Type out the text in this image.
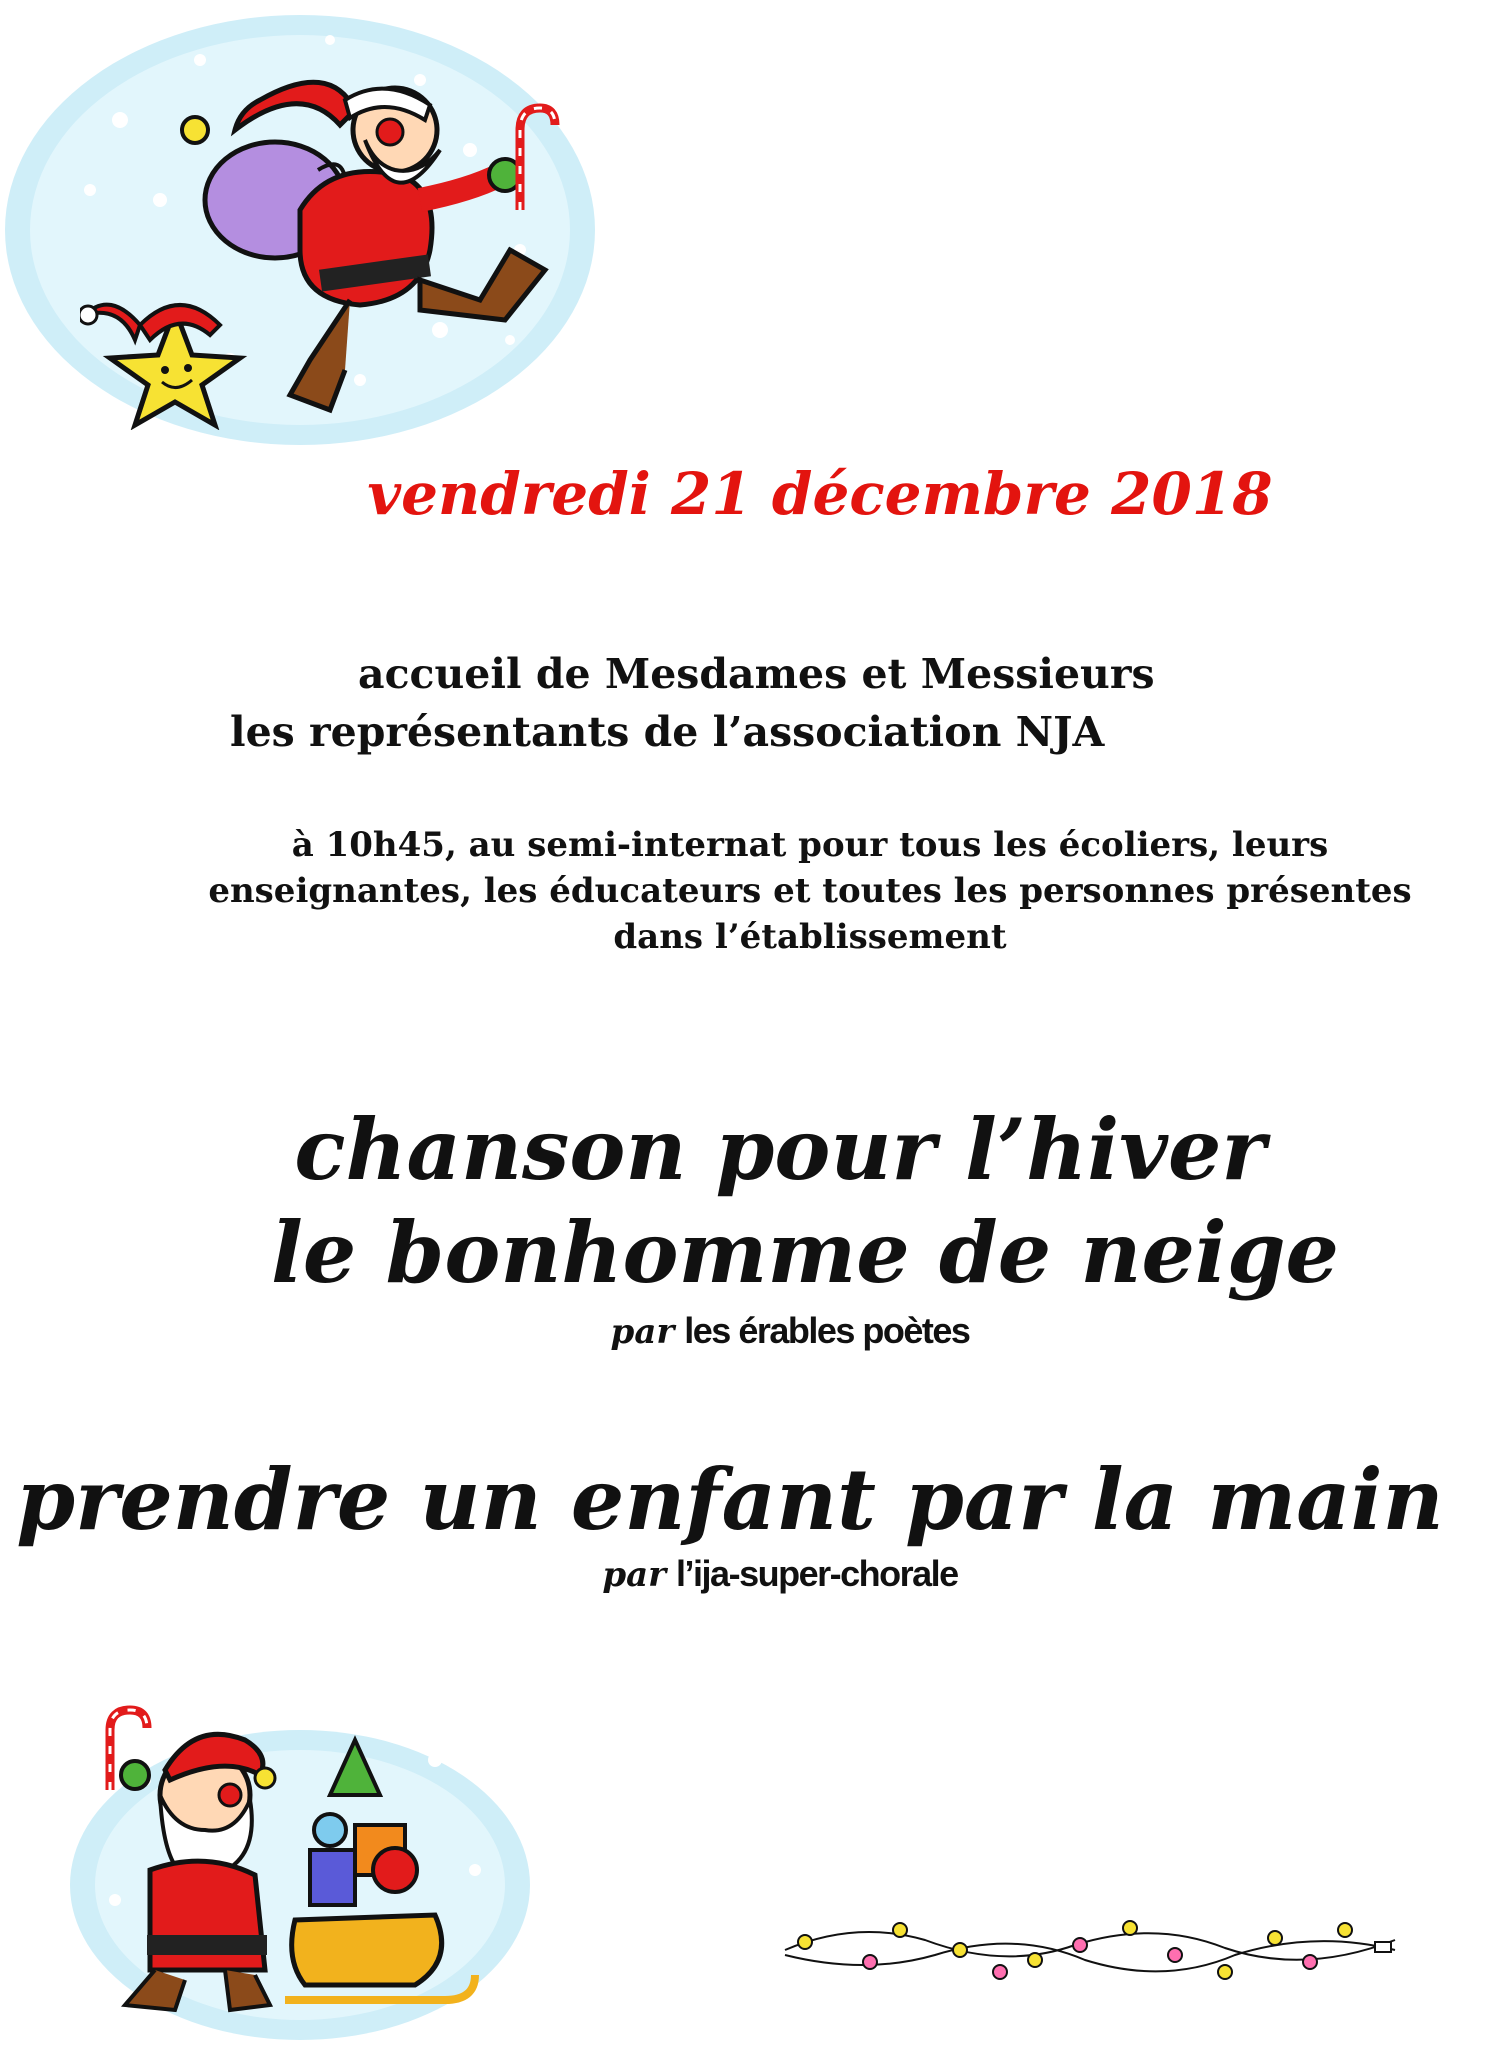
vendredi 21 décembre 2018
accueil de Mesdames et Messieurs
les représentants de l’association NJA
à 10h45, au semi-internat pour tous les écoliers, leurs
enseignantes, les éducateurs et toutes les personnes présentes
dans l’établissement
chanson pour l’hiver
le bonhomme de neige
par les érables poètes
prendre un enfant par la main
par l’ija-super-chorale
